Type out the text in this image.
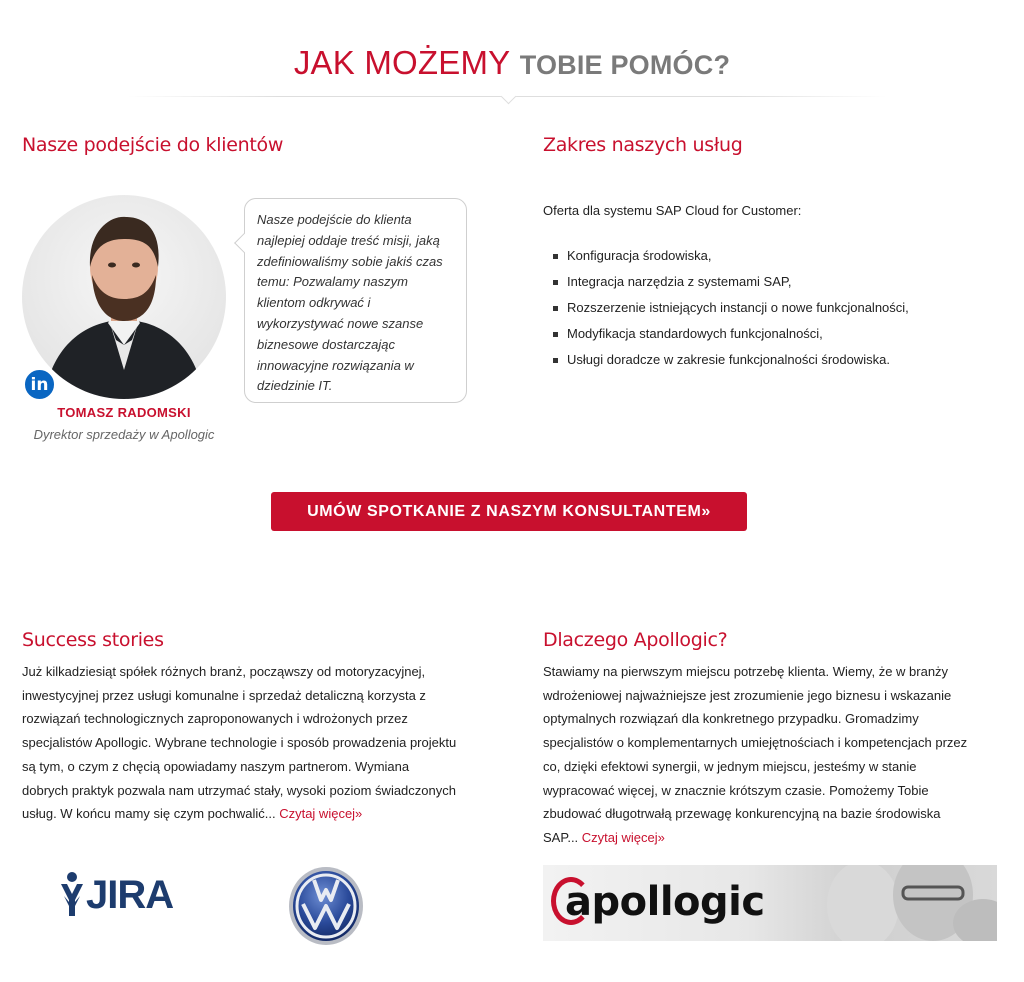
JAK MOŻEMY TOBIE POMÓC?
Nasze podejście do klientów
in
TOMASZ RADOMSKI
Dyrektor sprzedaży w Apollogic
Nasze podejście do klienta
najlepiej oddaje treść misji, jaką
zdefiniowaliśmy sobie jakiś czas
temu: Pozwalamy naszym
klientom odkrywać i
wykorzystywać nowe szanse
biznesowe dostarczając
innowacyjne rozwiązania w
dziedzinie IT.
Zakres naszych usług
Oferta dla systemu SAP Cloud for Customer:
Konfiguracja środowiska,
Integracja narzędzia z systemami SAP,
Rozszerzenie istniejących instancji o nowe funkcjonalności,
Modyfikacja standardowych funkcjonalności,
Usługi doradcze w zakresie funkcjonalności środowiska.
UMÓW SPOTKANIE Z NASZYM KONSULTANTEM»
Success stories
Już kilkadziesiąt spółek różnych branż, począwszy od motoryzacyjnej,
inwestycyjnej przez usługi komunalne i sprzedaż detaliczną korzysta z
rozwiązań technologicznych zaproponowanych i wdrożonych przez
specjalistów Apollogic. Wybrane technologie i sposób prowadzenia projektu
są tym, o czym z chęcią opowiadamy naszym partnerom. Wymiana
dobrych praktyk pozwala nam utrzymać stały, wysoki poziom świadczonych
usług. W końcu mamy się czym pochwalić... Czytaj więcej»
Dlaczego Apollogic?
Stawiamy na pierwszym miejscu potrzebę klienta. Wiemy, że w branży
wdrożeniowej najważniejsze jest zrozumienie jego biznesu i wskazanie
optymalnych rozwiązań dla konkretnego przypadku. Gromadzimy
specjalistów o komplementarnych umiejętnościach i kompetencjach przez
co, dzięki efektowi synergii, w jednym miejscu, jesteśmy w stanie
wypracować więcej, w znacznie krótszym czasie. Pomożemy Tobie
zbudować długotrwałą przewagę konkurencyjną na bazie środowiska
SAP... Czytaj więcej»
JIRA	apollogic
